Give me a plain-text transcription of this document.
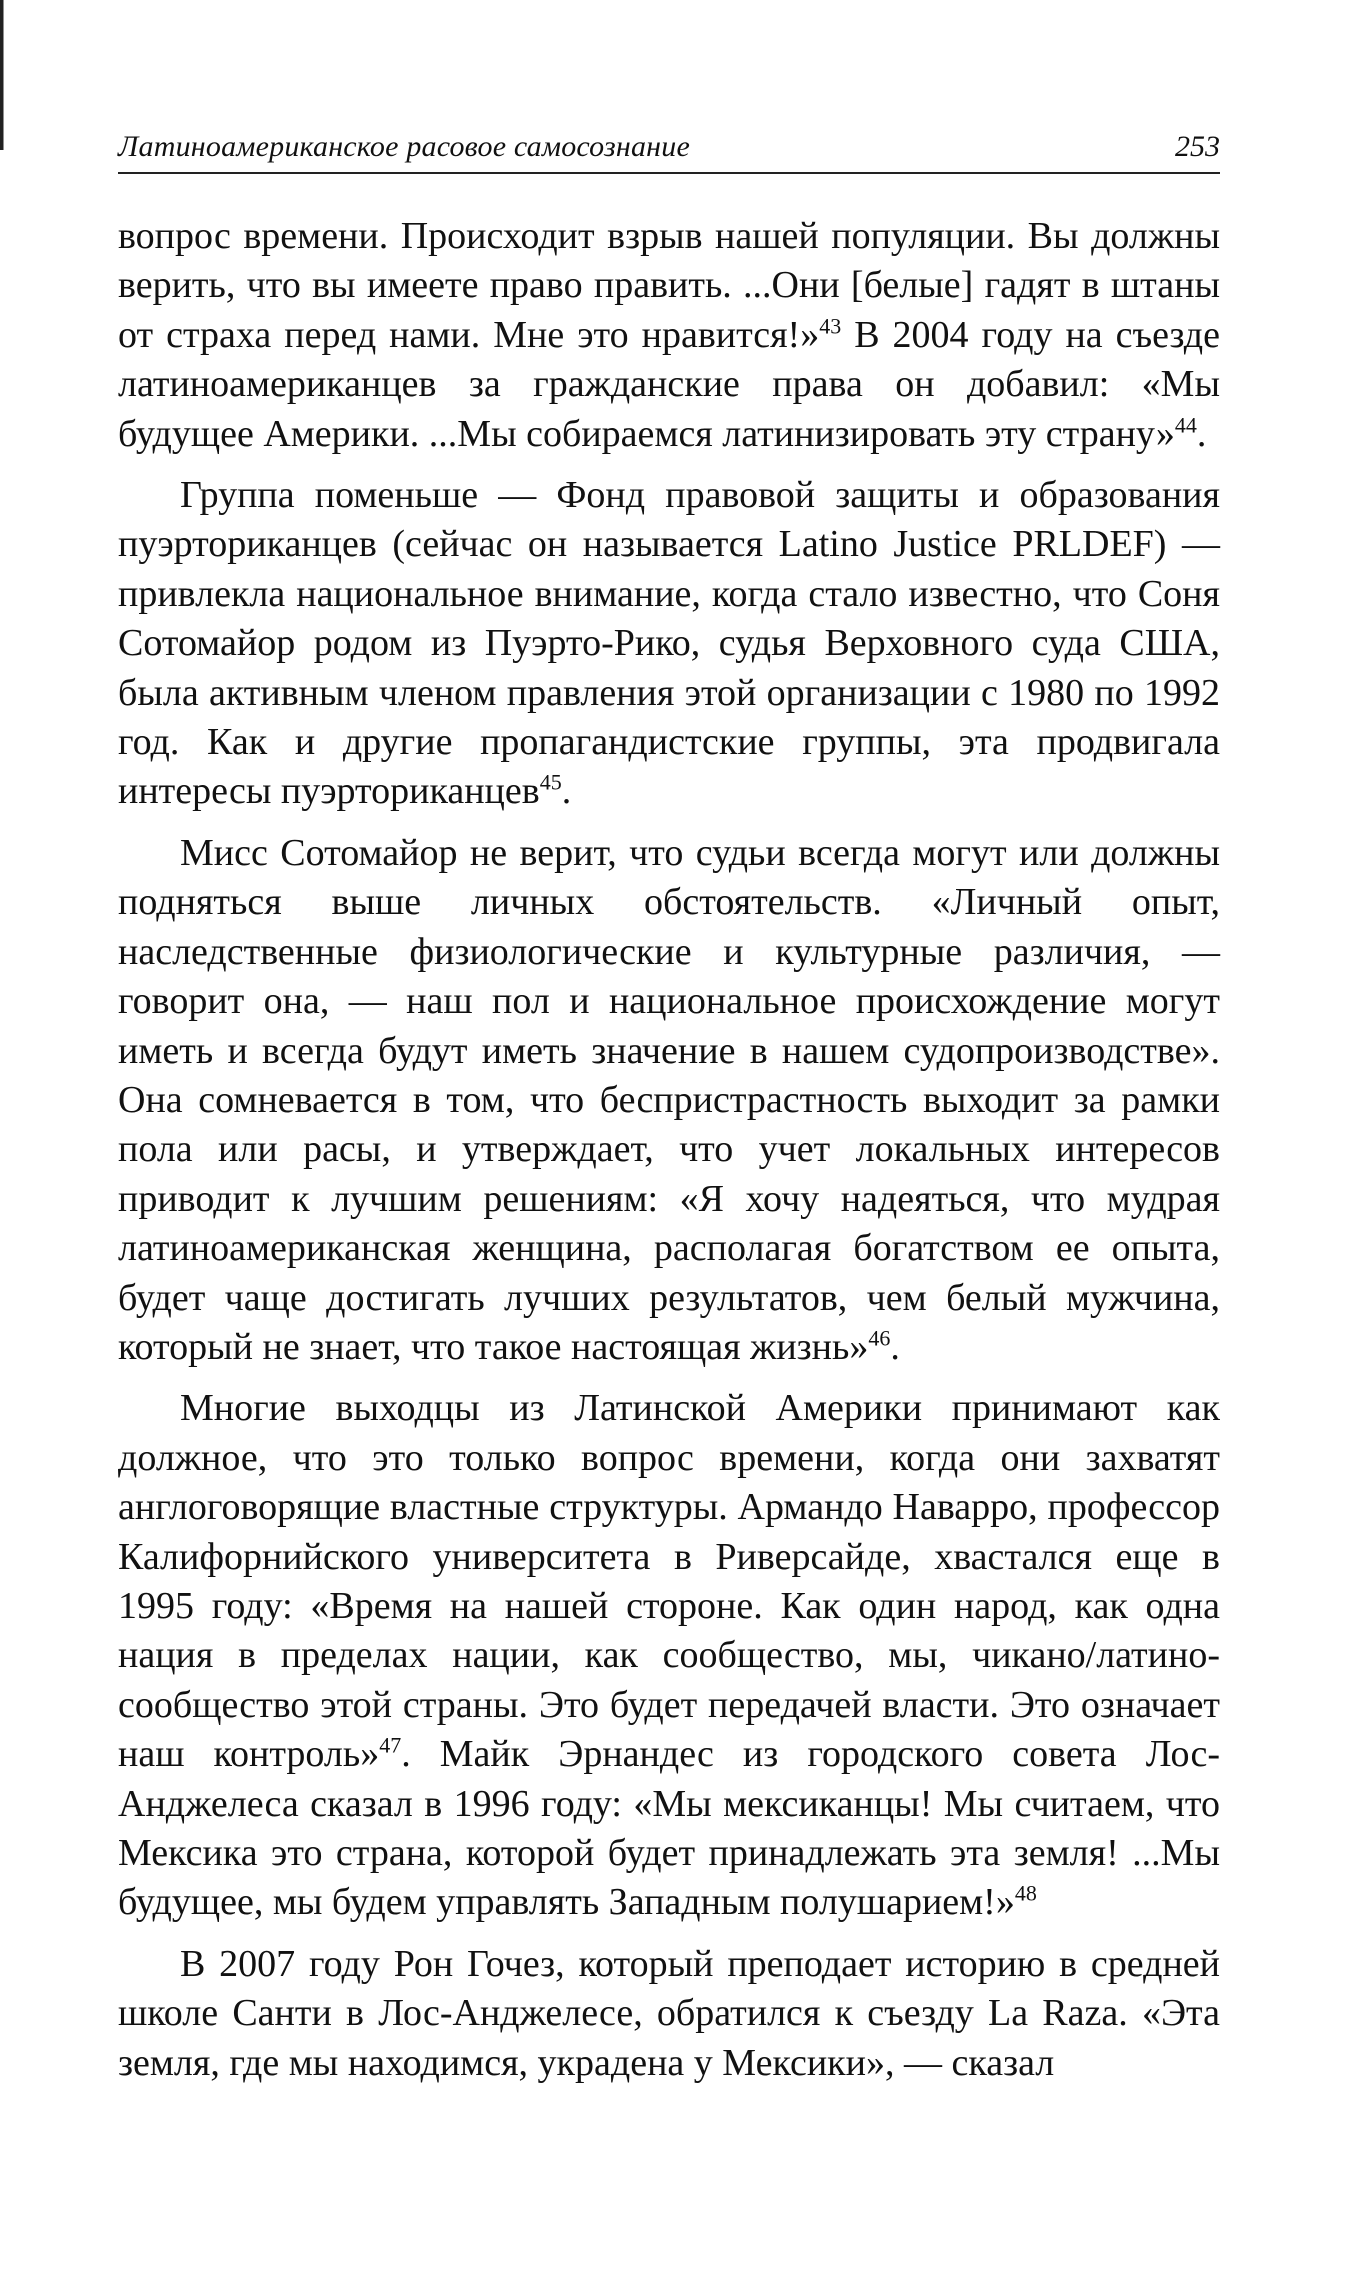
Латиноамериканское расовое самосознание	253

вопрос времени. Происходит взрыв нашей популяции. Вы должны верить, что вы имеете право править. ...Они [белые] гадят в штаны от страха перед нами. Мне это нравится!»$^{43}$ В 2004 году на съезде латиноамериканцев за гражданские права он добавил: «Мы будущее Америки. ...Мы собираемся латинизировать эту страну»$^{44}$.

Группа поменьше — Фонд правовой защиты и образования пуэрториканцев (сейчас он называется Latino Justice PRLDEF) — привлекла национальное внимание, когда стало известно, что Соня Сотомайор родом из Пуэрто-Рико, судья Верховного суда США, была активным членом правления этой организации с 1980 по 1992 год. Как и другие пропагандистские группы, эта продвигала интересы пуэрториканцев$^{45}$.

Мисс Сотомайор не верит, что судьи всегда могут или должны подняться выше личных обстоятельств. «Личный опыт, наследственные физиологические и культурные различия, — говорит она, — наш пол и национальное происхождение могут иметь и всегда будут иметь значение в нашем судопроизводстве». Она сомневается в том, что беспристрастность выходит за рамки пола или расы, и утверждает, что учет локальных интересов приводит к лучшим решениям: «Я хочу надеяться, что мудрая латиноамериканская женщина, располагая богатством ее опыта, будет чаще достигать лучших результатов, чем белый мужчина, который не знает, что такое настоящая жизнь»$^{46}$.

Многие выходцы из Латинской Америки принимают как должное, что это только вопрос времени, когда они захватят англоговорящие властные структуры. Армандо Наварро, профессор Калифорнийского университета в Риверсайде, хвастался еще в 1995 году: «Время на нашей стороне. Как один народ, как одна нация в пределах нации, как сообщество, мы, чикано/латино-сообщество этой страны. Это будет передачей власти. Это означает наш контроль»$^{47}$. Майк Эрнандес из городского совета Лос-Анджелеса сказал в 1996 году: «Мы мексиканцы! Мы считаем, что Мексика это страна, которой будет принадлежать эта земля! ...Мы будущее, мы будем управлять Западным полушарием!»$^{48}$

В 2007 году Рон Гочез, который преподает историю в средней школе Санти в Лос-Анджелесе, обратился к съезду La Raza. «Эта земля, где мы находимся, украдена у Мексики», — сказал
